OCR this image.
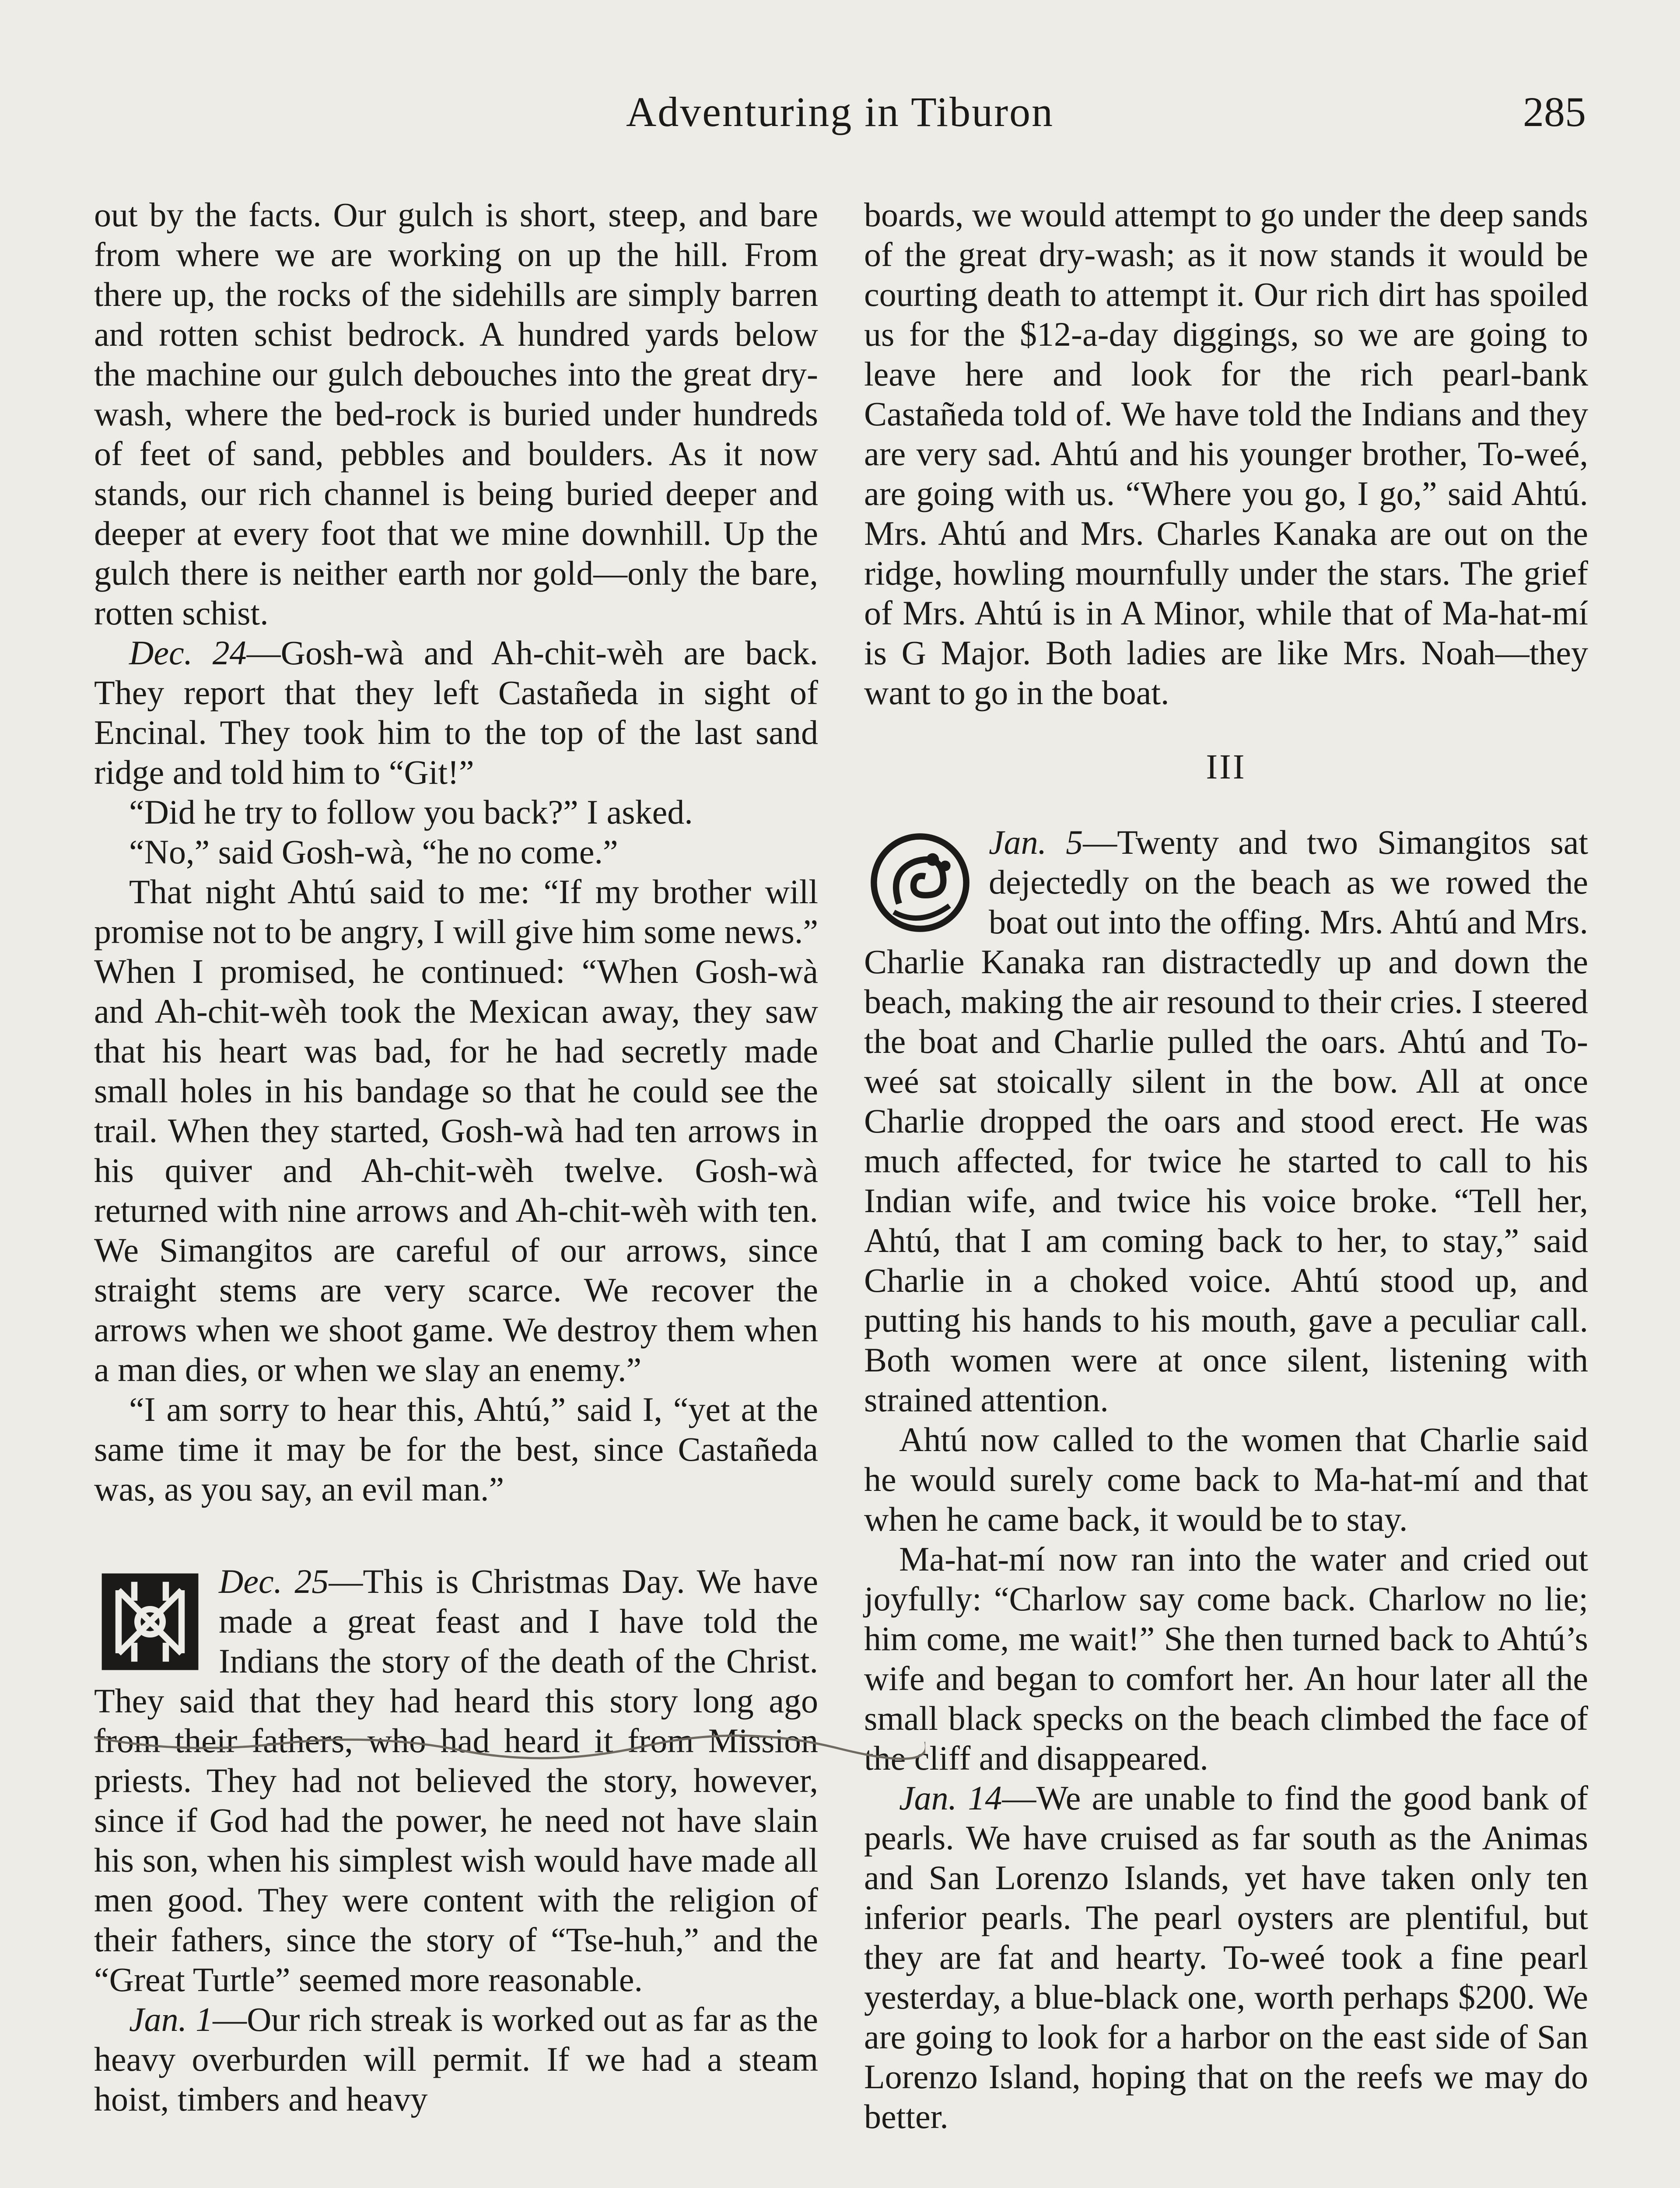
Adventuring in Tiburon	285

out by the facts. Our gulch is short, steep, and bare from where we are working on up the hill. From there up, the rocks of the sidehills are simply barren and rotten schist bedrock. A hundred yards below the machine our gulch debouches into the great dry-wash, where the bed-rock is buried under hundreds of feet of sand, pebbles and boulders. As it now stands, our rich channel is being buried deeper and deeper at every foot that we mine downhill. Up the gulch there is neither earth nor gold—only the bare, rotten schist.

Dec. 24—Gosh-wà and Ah-chit-wèh are back. They report that they left Castañeda in sight of Encinal. They took him to the top of the last sand ridge and told him to “Git!”

“Did he try to follow you back?” I asked.

“No,” said Gosh-wà, “he no come.”

That night Ahtú said to me: “If my brother will promise not to be angry, I will give him some news.” When I promised, he continued: “When Gosh-wà and Ah-chit-wèh took the Mexican away, they saw that his heart was bad, for he had secretly made small holes in his bandage so that he could see the trail. When they started, Gosh-wà had ten arrows in his quiver and Ah-chit-wèh twelve. Gosh-wà returned with nine arrows and Ah-chit-wèh with ten. We Simangitos are careful of our arrows, since straight stems are very scarce. We recover the arrows when we shoot game. We destroy them when a man dies, or when we slay an enemy.”

“I am sorry to hear this, Ahtú,” said I, “yet at the same time it may be for the best, since Castañeda was, as you say, an evil man.”

Dec. 25—This is Christmas Day. We have made a great feast and I have told the Indians the story of the death of the Christ. They said that they had heard this story long ago from their fathers, who had heard it from Mission priests. They had not believed the story, however, since if God had the power, he need not have slain his son, when his simplest wish would have made all men good. They were content with the religion of their fathers, since the story of “Tse-huh,” and the “Great Turtle” seemed more reasonable.

Jan. 1—Our rich streak is worked out as far as the heavy overburden will permit. If we had a steam hoist, timbers and heavy

boards, we would attempt to go under the deep sands of the great dry-wash; as it now stands it would be courting death to attempt it. Our rich dirt has spoiled us for the $12-a-day diggings, so we are going to leave here and look for the rich pearl-bank Castañeda told of. We have told the Indians and they are very sad. Ahtú and his younger brother, To-weé, are going with us. “Where you go, I go,” said Ahtú. Mrs. Ahtú and Mrs. Charles Kanaka are out on the ridge, howling mournfully under the stars. The grief of Mrs. Ahtú is in A Minor, while that of Ma-hat-mí is G Major. Both ladies are like Mrs. Noah—they want to go in the boat.

III

Jan. 5—Twenty and two Simangitos sat dejectedly on the beach as we rowed the boat out into the offing. Mrs. Ahtú and Mrs. Charlie Kanaka ran distractedly up and down the beach, making the air resound to their cries. I steered the boat and Charlie pulled the oars. Ahtú and To-weé sat stoically silent in the bow. All at once Charlie dropped the oars and stood erect. He was much affected, for twice he started to call to his Indian wife, and twice his voice broke. “Tell her, Ahtú, that I am coming back to her, to stay,” said Charlie in a choked voice. Ahtú stood up, and putting his hands to his mouth, gave a peculiar call. Both women were at once silent, listening with strained attention.

Ahtú now called to the women that Charlie said he would surely come back to Ma-hat-mí and that when he came back, it would be to stay.

Ma-hat-mí now ran into the water and cried out joyfully: “Charlow say come back. Charlow no lie; him come, me wait!” She then turned back to Ahtú’s wife and began to comfort her. An hour later all the small black specks on the beach climbed the face of the cliff and disappeared.

Jan. 14—We are unable to find the good bank of pearls. We have cruised as far south as the Animas and San Lorenzo Islands, yet have taken only ten inferior pearls. The pearl oysters are plentiful, but they are fat and hearty. To-weé took a fine pearl yesterday, a blue-black one, worth perhaps $200. We are going to look for a harbor on the east side of San Lorenzo Island, hoping that on the reefs we may do better.
